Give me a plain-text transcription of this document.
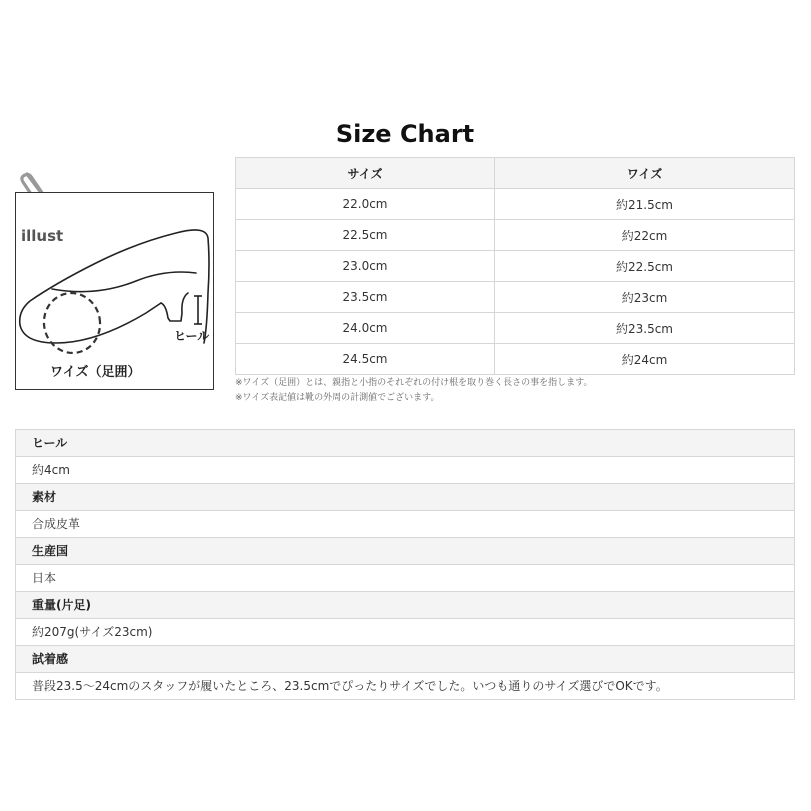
Size Chart
illust
ヒール
ワイズ（足囲）
サイズ	ワイズ
22.0cm	約21.5cm
22.5cm	約22cm
23.0cm	約22.5cm
23.5cm	約23cm
24.0cm	約23.5cm
24.5cm	約24cm
※ワイズ（足囲）とは、親指と小指のそれぞれの付け根を取り巻く長さの事を指します。
※ワイズ表記値は靴の外周の計測値でございます。
ヒール
約4cm
素材
合成皮革
生産国
日本
重量(片足)
約207g(サイズ23cm)
試着感
普段23.5～24cmのスタッフが履いたところ、23.5cmでぴったりサイズでした。いつも通りのサイズ選びでOKです。
